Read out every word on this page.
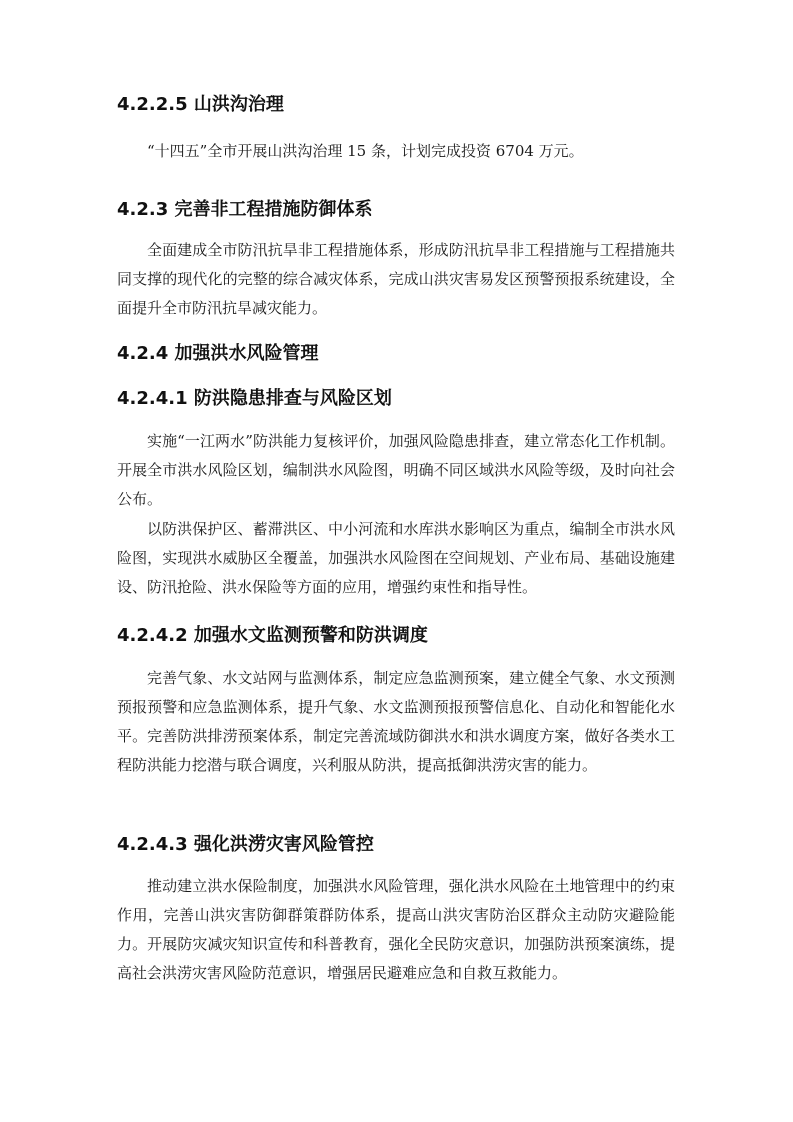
4.2.2.5 山洪沟治理

“十四五”全市开展山洪沟治理 15 条，计划完成投资 6704 万元。

4.2.3 完善非工程措施防御体系

全面建成全市防汛抗旱非工程措施体系，形成防汛抗旱非工程措施与工程措施共同支撑的现代化的完整的综合减灾体系，完成山洪灾害易发区预警预报系统建设，全面提升全市防汛抗旱减灾能力。

4.2.4 加强洪水风险管理
4.2.4.1 防洪隐患排查与风险区划

实施“一江两水”防洪能力复核评价，加强风险隐患排查，建立常态化工作机制。开展全市洪水风险区划，编制洪水风险图，明确不同区域洪水风险等级，及时向社会公布。

以防洪保护区、蓄滞洪区、中小河流和水库洪水影响区为重点，编制全市洪水风险图，实现洪水威胁区全覆盖，加强洪水风险图在空间规划、产业布局、基础设施建设、防汛抢险、洪水保险等方面的应用，增强约束性和指导性。

4.2.4.2 加强水文监测预警和防洪调度

完善气象、水文站网与监测体系，制定应急监测预案，建立健全气象、水文预测预报预警和应急监测体系，提升气象、水文监测预报预警信息化、自动化和智能化水平。完善防洪排涝预案体系，制定完善流域防御洪水和洪水调度方案，做好各类水工程防洪能力挖潜与联合调度，兴利服从防洪，提高抵御洪涝灾害的能力。

4.2.4.3 强化洪涝灾害风险管控

推动建立洪水保险制度，加强洪水风险管理，强化洪水风险在土地管理中的约束作用，完善山洪灾害防御群策群防体系，提高山洪灾害防治区群众主动防灾避险能力。开展防灾减灾知识宣传和科普教育，强化全民防灾意识，加强防洪预案演练，提高社会洪涝灾害风险防范意识，增强居民避难应急和自救互救能力。
